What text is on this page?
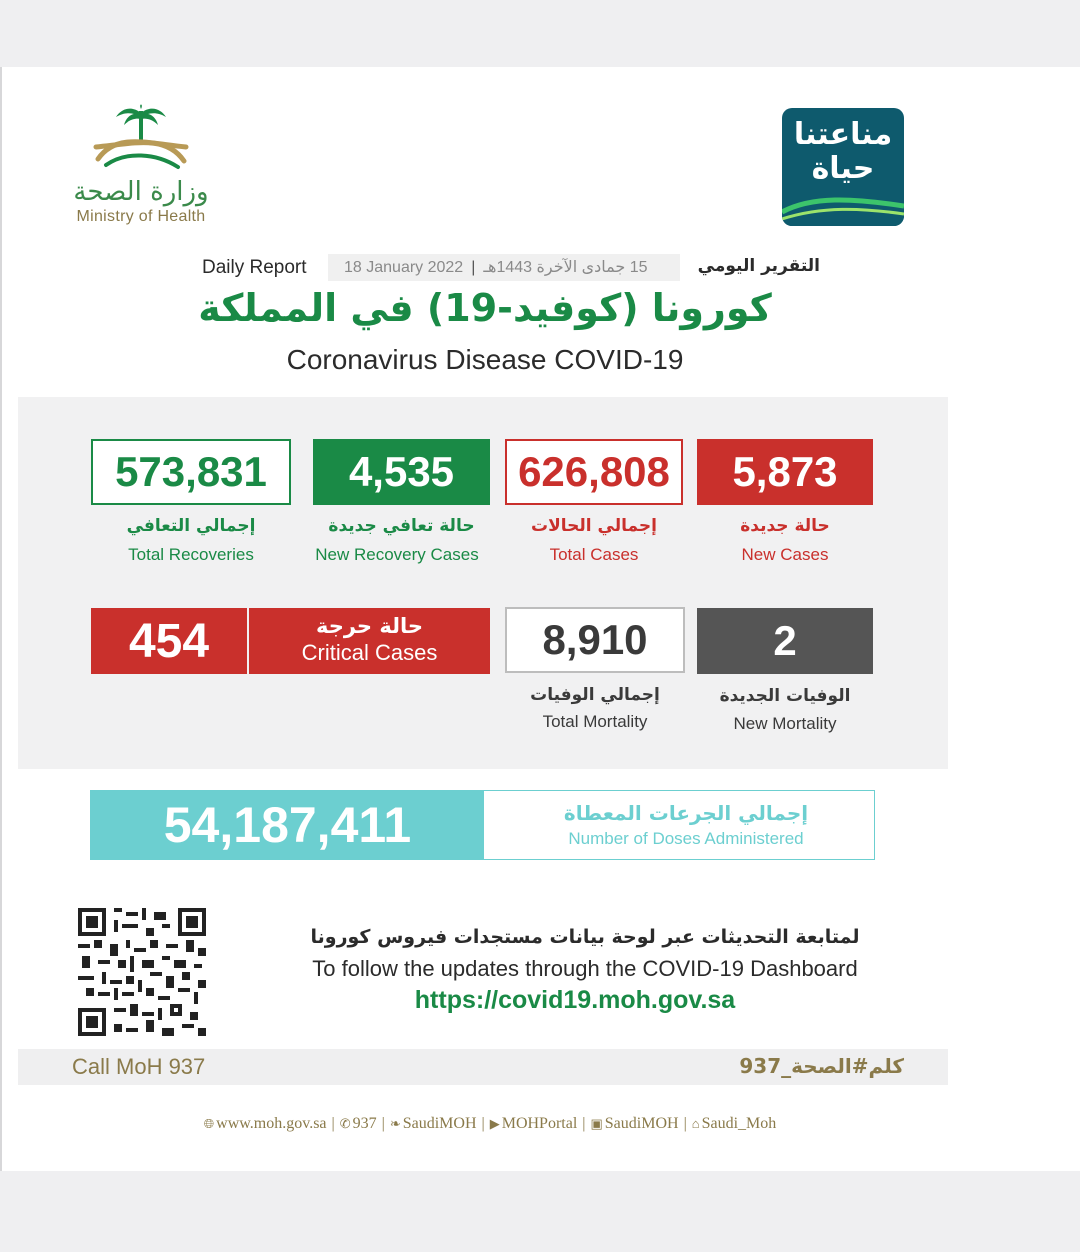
وزارة الصحة
Ministry of Health
مناعتنا
حياة
Daily Report	18 January 2022 | 15 جمادى الآخرة 1443هـ	التقرير اليومي
كورونا (كوفيد-19) في المملكة
Coronavirus Disease COVID-19
573,831
إجمالي التعافي
Total Recoveries
4,535
حالة تعافي جديدة
New Recovery Cases
626,808
إجمالي الحالات
Total Cases
5,873
حالة جديدة
New Cases
454	حالة حرجة
Critical Cases	8,910
إجمالي الوفيات
Total Mortality
2
الوفيات الجديدة
New Mortality
54,187,411	إجمالي الجرعات المعطاة
Number of Doses Administered
لمتابعة التحديثات عبر لوحة بيانات مستجدات فيروس كورونا
To follow the updates through the COVID-19 Dashboard
https://covid19.moh.gov.sa
Call MoH 937	كلم#الصحة_937
🌐︎ www.moh.gov.sa | ✆ 937 | ❧ SaudiMOH | ▶ MOHPortal | ▣ SaudiMOH | ⌂ Saudi_Moh
